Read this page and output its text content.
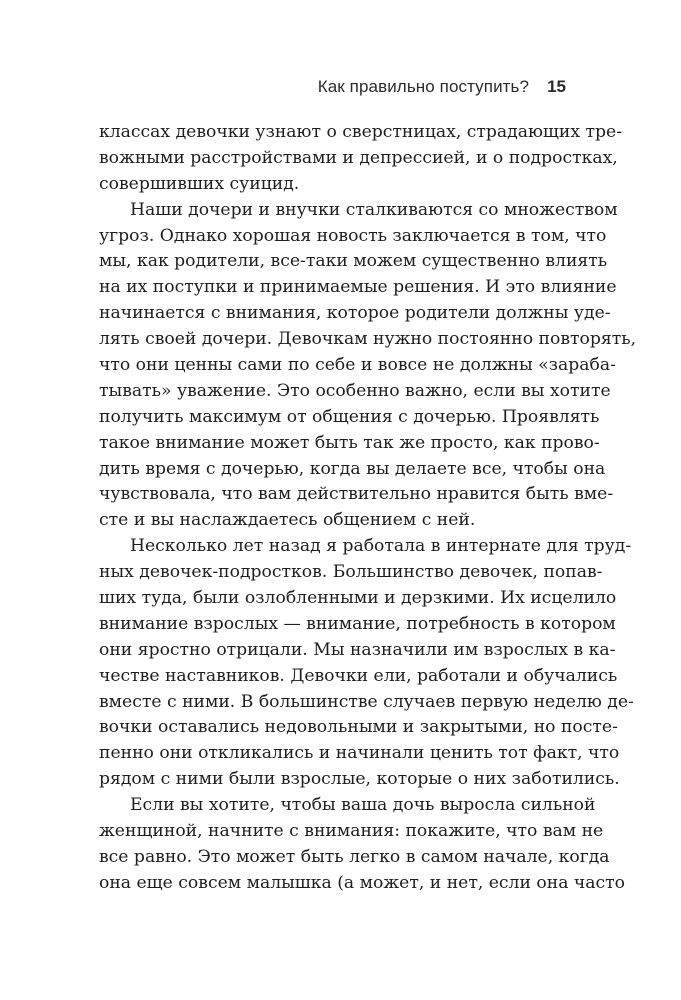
Как правильно поступить? 15
классах девочки узнают о сверстницах, страдающих тре-
вожными расстройствами и депрессией, и о подростках,
совершивших суицид.
Наши дочери и внучки сталкиваются со множеством
угроз. Однако хорошая новость заключается в том, что
мы, как родители, все-таки можем существенно влиять
на их поступки и принимаемые решения. И это влияние
начинается с внимания, которое родители должны уде-
лять своей дочери. Девочкам нужно постоянно повторять,
что они ценны сами по себе и вовсе не должны «зараба-
тывать» уважение. Это особенно важно, если вы хотите
получить максимум от общения с дочерью. Проявлять
такое внимание может быть так же просто, как прово-
дить время с дочерью, когда вы делаете все, чтобы она
чувствовала, что вам действительно нравится быть вме-
сте и вы наслаждаетесь общением с ней.
Несколько лет назад я работала в интернате для труд-
ных девочек-подростков. Большинство девочек, попав-
ших туда, были озлобленными и дерзкими. Их исцелило
внимание взрослых — внимание, потребность в котором
они яростно отрицали. Мы назначили им взрослых в ка-
честве наставников. Девочки ели, работали и обучались
вместе с ними. В большинстве случаев первую неделю де-
вочки оставались недовольными и закрытыми, но посте-
пенно они откликались и начинали ценить тот факт, что
рядом с ними были взрослые, которые о них заботились.
Если вы хотите, чтобы ваша дочь выросла сильной
женщиной, начните с внимания: покажите, что вам не
все равно. Это может быть легко в самом начале, когда
она еще совсем малышка (а может, и нет, если она часто
